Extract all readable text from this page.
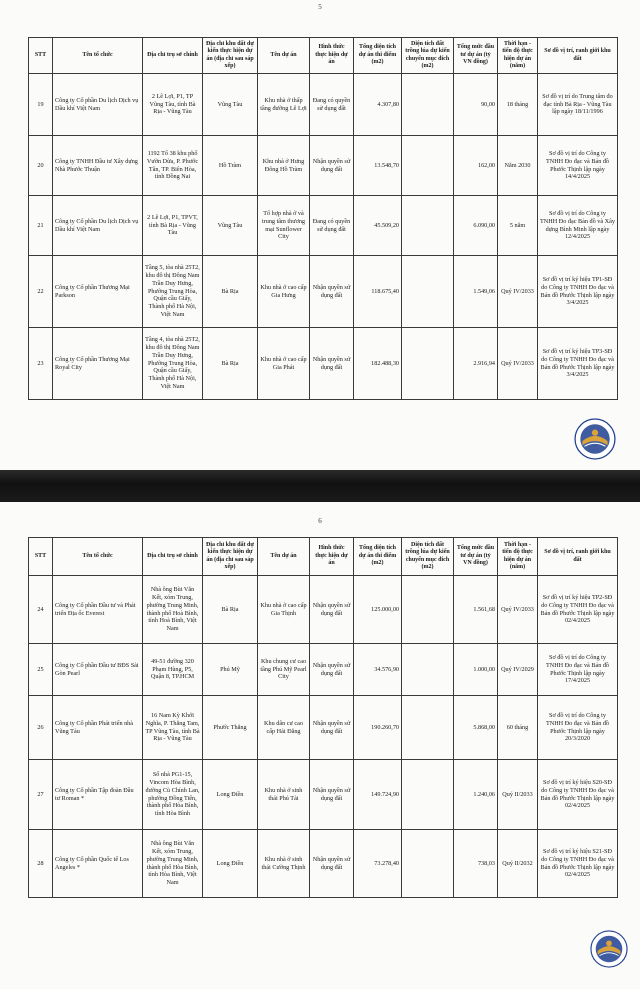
5
STT	Tên tổ chức	Địa chỉ trụ sở chính	Địa chỉ khu đất dự kiến thực hiện dự án (địa chỉ sau sáp xếp)	Tên dự án	Hình thức thực hiện dự án	Tổng diện tích dự án thi điểm (m2)	Diện tích đất trồng lúa dự kiến chuyển mục đích (m2)	Tổng mức đầu tư dự án (tỷ VN đồng)	Thời hạn - tiến độ thực hiện dự án (năm)	Sơ đồ vị trí, ranh giới khu đất
19	Công ty Cổ phần Du lịch Dịch vụ Dầu khí Việt Nam	2 Lê Lợi, P1, TP Vũng Tàu, tỉnh Bà Rịa - Vũng Tàu	Vũng Tàu	Khu nhà ở thấp tầng đường Lê Lợi	Đang có quyền sử dụng đất	4.307,80		90,00	18 tháng	Sơ đồ vị trí do Trung tâm đo đạc tỉnh Bà Rịa - Vũng Tàu lập ngày 18/11/1996
20	Công ty TNHH Đầu tư Xây dựng Nhà Phước Thuận	1192 Tổ 38 khu phố Vườn Dừa, P. Phước Tân, TP. Biên Hòa, tỉnh Đồng Nai	Hồ Tràm	Khu nhà ở Hưng Đông Hồ Tràm	Nhận quyền sử dụng đất	13.548,70		162,00	Năm 2030	Sơ đồ vị trí do Công ty TNHH Đo đạc và Bản đồ Phước Thịnh lập ngày 14/4/2025
21	Công ty Cổ phần Du lịch Dịch vụ Dầu khí Việt Nam	2 Lê Lợi, P1, TPVT, tỉnh Bà Rịa - Vũng Tàu	Vũng Tàu	Tổ hợp nhà ở và trung tâm thương mại Sunflower City	Đang có quyền sử dụng đất	45.509,20		6.090,00	5 năm	Sơ đồ vị trí do Công ty TNHH Đo đạc Bản đồ và Xây dựng Bình Minh lập ngày 12/4/2025
22	Công ty Cổ phần Thương Mại Parkson	Tầng 5, tòa nhà 25T2, khu đô thị Đông Nam Trần Duy Hưng, Phường Trung Hòa, Quận cầu Giấy, Thành phố Hà Nội, Việt Nam	Bà Rịa	Khu nhà ở cao cấp Gia Hưng	Nhận quyền sử dụng đất	118.675,40		1.549,06	Quý IV/2033	Sơ đồ vị trí ký hiệu TP1-SĐ do Công ty TNHH Đo đạc và Bản đồ Phước Thịnh lập ngày 3/4/2025
23	Công ty Cổ phần Thương Mại Royal City	Tầng 4, tòa nhà 25T2, khu đô thị Đông Nam Trần Duy Hưng, Phường Trung Hòa, Quận cầu Giấy, Thành phố Hà Nội, Việt Nam	Bà Rịa	Khu nhà ở cao cấp Gia Phát	Nhận quyền sử dụng đất	182.488,30		2.916,94	Quý IV/2033	Sơ đồ vị trí ký hiệu TP3-SĐ do Công ty TNHH Đo đạc và Bản đồ Phước Thịnh lập ngày 3/4/2025
6
STT	Tên tổ chức	Địa chỉ trụ sở chính	Địa chỉ khu đất dự kiến thực hiện dự án (địa chỉ sau sáp xếp)	Tên dự án	Hình thức thực hiện dự án	Tổng diện tích dự án thi điểm (m2)	Diện tích đất trồng lúa dự kiến chuyển mục đích (m2)	Tổng mức đầu tư dự án (tỷ VN đồng)	Thời hạn - tiến độ thực hiện dự án (năm)	Sơ đồ vị trí, ranh giới khu đất
24	Công ty Cổ phần Đầu tư và Phát triển Địa ốc Everest	Nhà ông Bùi Văn Kết, xóm Trung, phường Trung Minh, thành phố Hoà Bình, tỉnh Hoà Bình, Việt Nam	Bà Rịa	Khu nhà ở cao cấp Gia Thịnh	Nhận quyền sử dụng đất	125.000,00		1.561,68	Quý IV/2033	Sơ đồ vị trí ký hiệu TP2-SĐ do Công ty TNHH Đo đạc và Bản đồ Phước Thịnh lập ngày 02/4/2025
25	Công ty Cổ phần Đầu tư BĐS Sài Gòn Pearl	49-51 đường 320 Phạm Hùng, P5, Quận 8, TP.HCM	Phú Mỹ	Khu chung cư cao tầng Phú Mỹ Pearl City	Nhận quyền sử dụng đất	34.576,90		1.000,00	Quý IV/2029	Sơ đồ vị trí do Công ty TNHH Đo đạc và Bản đồ Phước Thịnh lập ngày 17/4/2025
26	Công ty Cổ phần Phát triển nhà Vũng Tàu	16 Nam Kỳ Khởi Nghĩa, P. Thắng Tam, TP Vũng Tàu, tỉnh Bà Rịa - Vũng Tàu	Phước Thắng	Khu dân cư cao cấp Hải Đăng	Nhận quyền sử dụng đất	190.260,70		5.868,00	60 tháng	Sơ đồ vị trí do Công ty TNHH Đo đạc và Bản đồ Phước Thịnh lập ngày 20/3/2020
27	Công ty Cổ phần Tập đoàn Đầu tư Roman *	Số nhà PG1-15, Vincom Hòa Bình, đường Cù Chính Lan, phường Đồng Tiến, thành phố Hòa Bình, tỉnh Hòa Bình	Long Điền	Khu nhà ở sinh thái Phú Tài	Nhận quyền sử dụng đất	149.724,90		1.240,06	Quý II/2033	Sơ đồ vị trí ký hiệu S20-SĐ do Công ty TNHH Đo đạc và Bản đồ Phước Thịnh lập ngày 02/4/2025
28	Công ty Cổ phần Quốc tế Los Angeles *	Nhà ông Bùi Văn Kết, xóm Trung, phường Trung Minh, thành phố Hòa Bình, tỉnh Hòa Bình, Việt Nam	Long Điền	Khu nhà ở sinh thái Cường Thịnh	Nhận quyền sử dụng đất	73.278,40		738,03	Quý II/2032	Sơ đồ vị trí ký hiệu S21-SĐ do Công ty TNHH Đo đạc và Bản đồ Phước Thịnh lập ngày 02/4/2025
